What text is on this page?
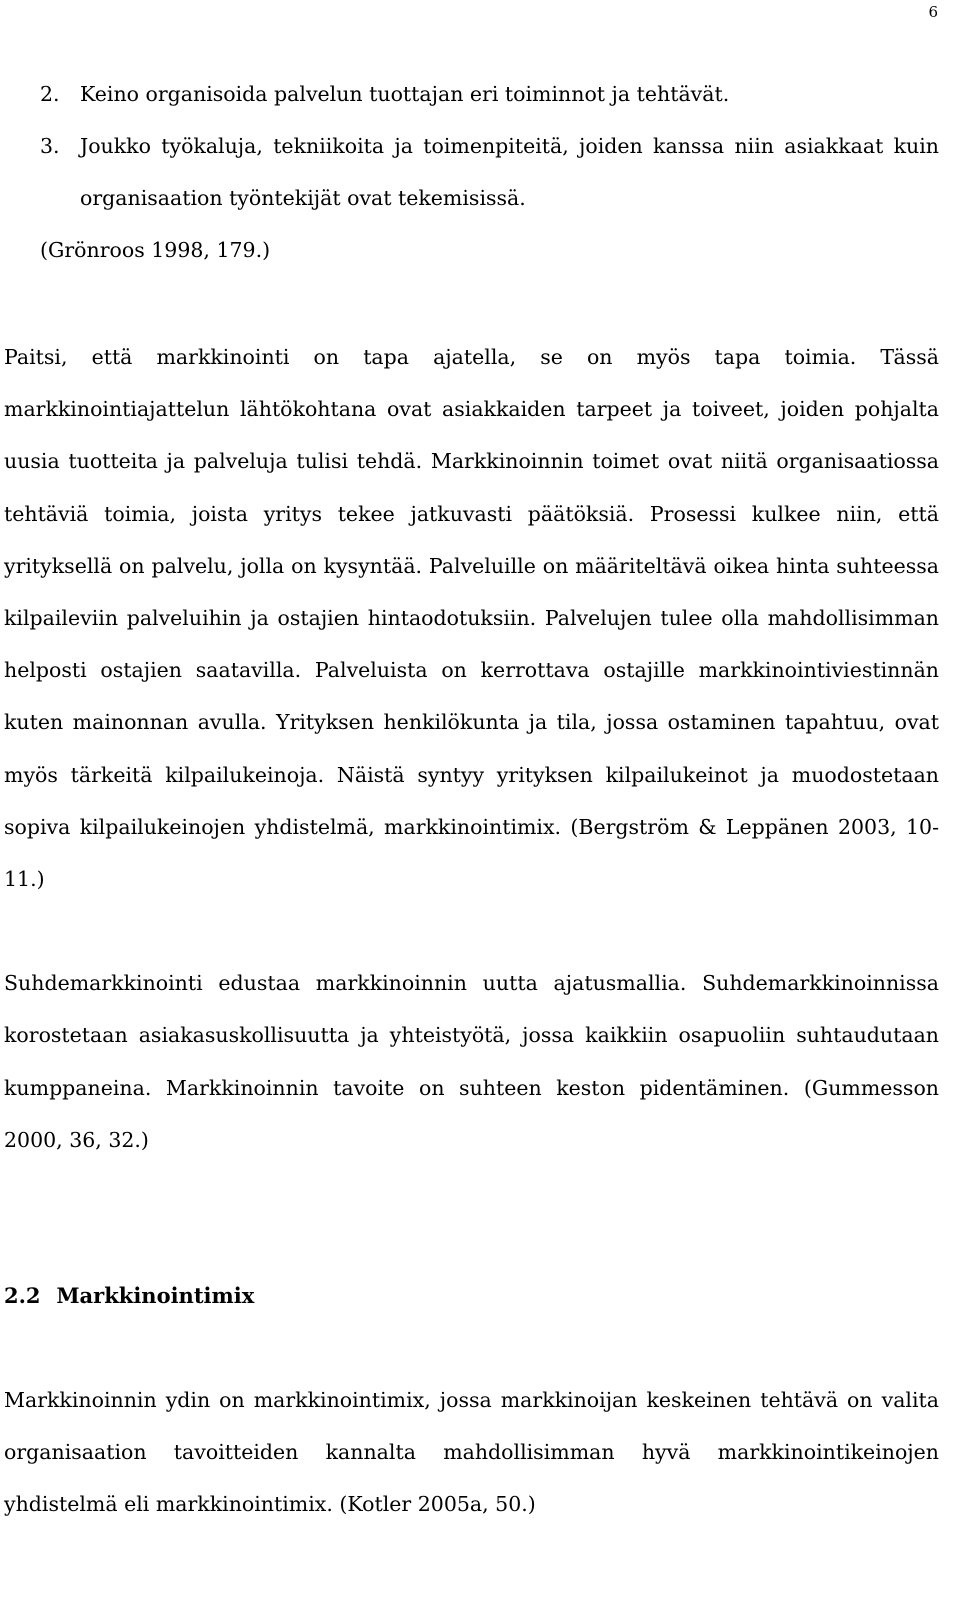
6
2. Keino organisoida palvelun tuottajan eri toiminnot ja tehtävät.
3. Joukko työkaluja, tekniikoita ja toimenpiteitä, joiden kanssa niin asiakkaat kuin organisaation työntekijät ovat tekemisissä.
(Grönroos 1998, 179.)

Paitsi, että markkinointi on tapa ajatella, se on myös tapa toimia. Tässä markkinointiajattelun lähtökohtana ovat asiakkaiden tarpeet ja toiveet, joiden pohjalta uusia tuotteita ja palveluja tulisi tehdä. Markkinoinnin toimet ovat niitä organisaatiossa tehtäviä toimia, joista yritys tekee jatkuvasti päätöksiä. Prosessi kulkee niin, että yrityksellä on palvelu, jolla on kysyntää. Palveluille on määriteltävä oikea hinta suhteessa kilpaileviin palveluihin ja ostajien hintaodotuksiin. Palvelujen tulee olla mahdollisimman helposti ostajien saatavilla. Palveluista on kerrottava ostajille markkinointiviestinnän kuten mainonnan avulla. Yrityksen henkilökunta ja tila, jossa ostaminen tapahtuu, ovat myös tärkeitä kilpailukeinoja. Näistä syntyy yrityksen kilpailukeinot ja muodostetaan sopiva kilpailukeinojen yhdistelmä, markkinointimix. (Bergström & Leppänen 2003, 10-11.)

Suhdemarkkinointi edustaa markkinoinnin uutta ajatusmallia. Suhdemarkkinoinnissa korostetaan asiakasuskollisuutta ja yhteistyötä, jossa kaikkiin osapuoliin suhtaudutaan kumppaneina. Markkinoinnin tavoite on suhteen keston pidentäminen. (Gummesson 2000, 36, 32.)

2.2 Markkinointimix

Markkinoinnin ydin on markkinointimix, jossa markkinoijan keskeinen tehtävä on valita organisaation tavoitteiden kannalta mahdollisimman hyvä markkinointikeinojen yhdistelmä eli markkinointimix. (Kotler 2005a, 50.)
